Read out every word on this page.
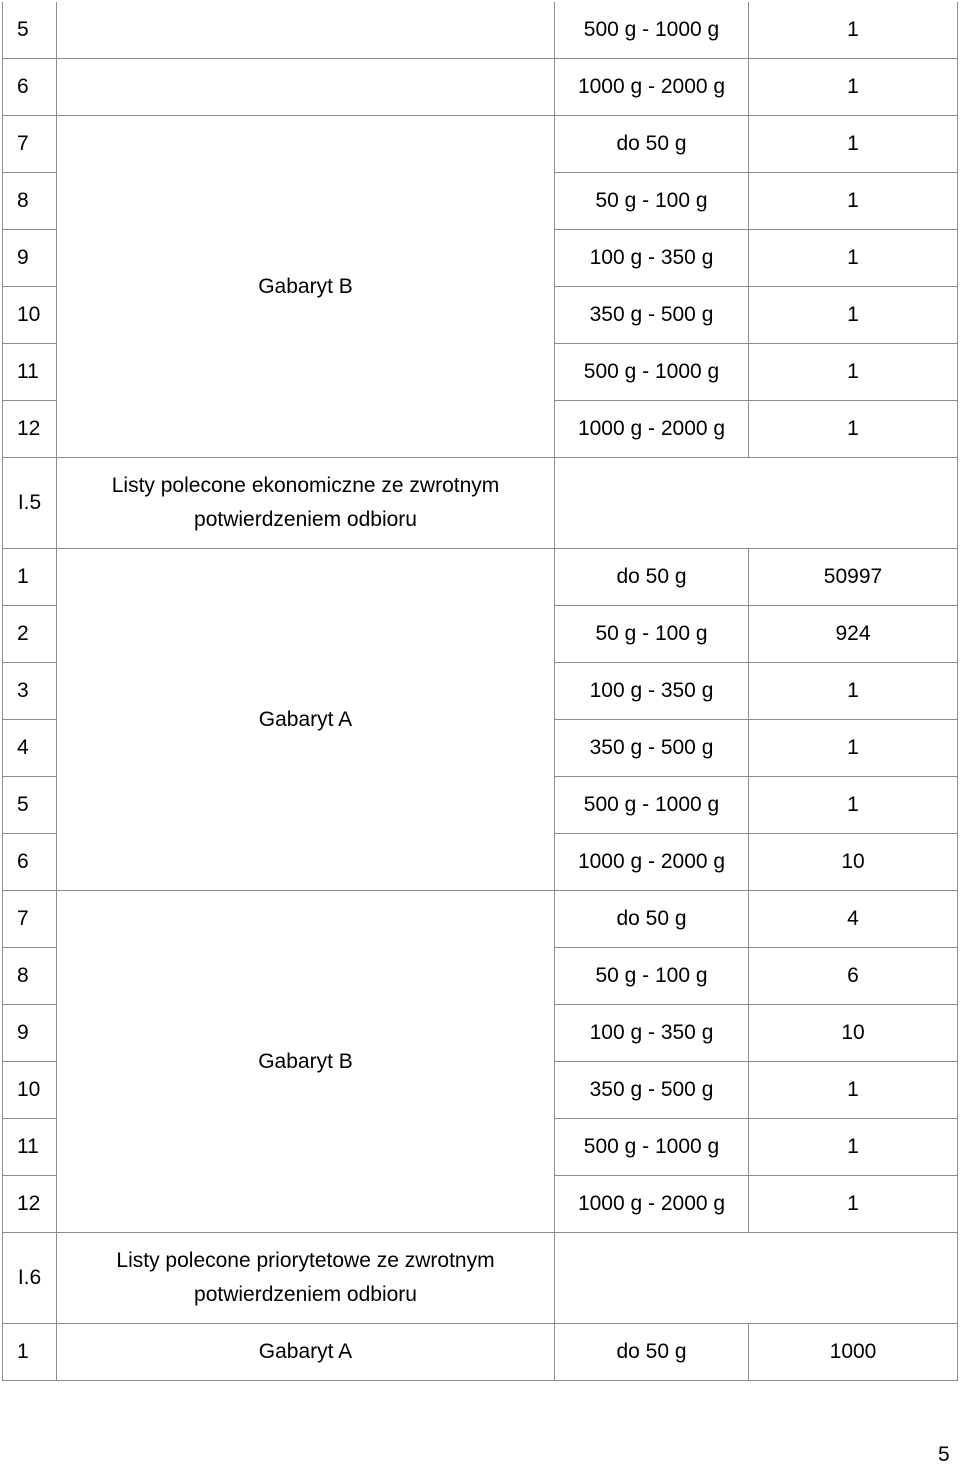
5		500 g - 1000 g	1
6		1000 g - 2000 g	1
7	Gabaryt B	do 50 g	1
8		50 g - 100 g	1
9		100 g - 350 g	1
10		350 g - 500 g	1
11		500 g - 1000 g	1
12		1000 g - 2000 g	1
I.5	Listy polecone ekonomiczne ze zwrotnym potwierdzeniem odbioru		
1	Gabaryt A	do 50 g	50997
2		50 g - 100 g	924
3		100 g - 350 g	1
4		350 g - 500 g	1
5		500 g - 1000 g	1
6		1000 g - 2000 g	10
7	Gabaryt B	do 50 g	4
8		50 g - 100 g	6
9		100 g - 350 g	10
10		350 g - 500 g	1
11		500 g - 1000 g	1
12		1000 g - 2000 g	1
I.6	Listy polecone priorytetowe ze zwrotnym potwierdzeniem odbioru		
1	Gabaryt A	do 50 g	1000
5
